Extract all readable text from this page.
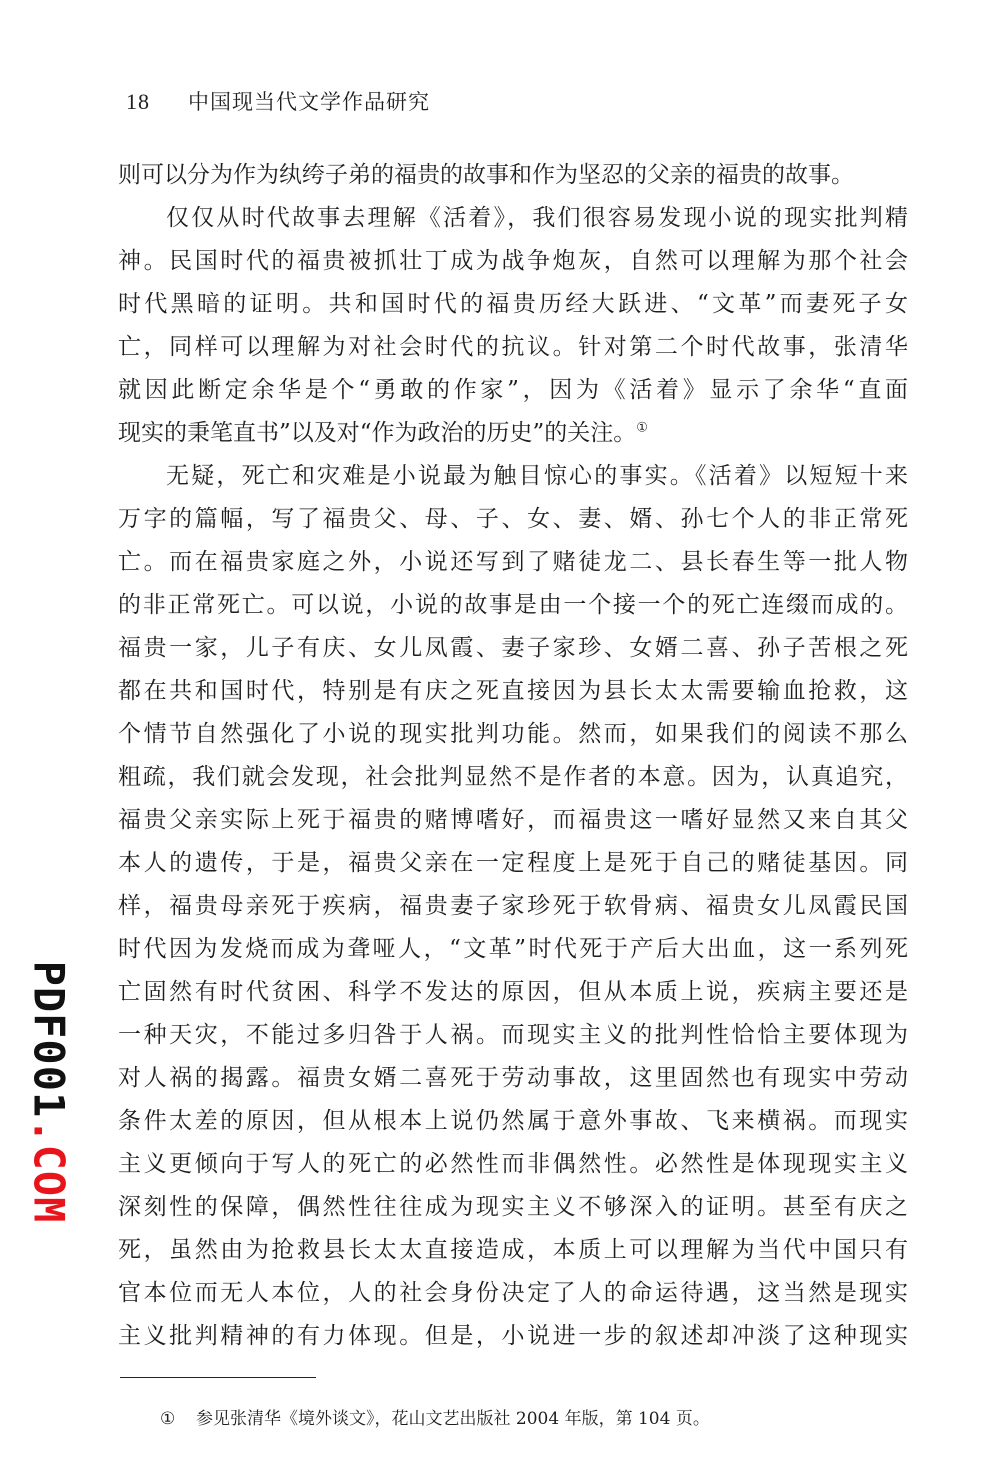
18 中国现当代文学作品研究
则可以分为作为纨绔子弟的福贵的故事和作为坚忍的父亲的福贵的故事。
仅仅从时代故事去理解《活着》，我们很容易发现小说的现实批判精
神。民国时代的福贵被抓壮丁成为战争炮灰，自然可以理解为那个社会
时代黑暗的证明。共和国时代的福贵历经大跃进、“文革”而妻死子女
亡，同样可以理解为对社会时代的抗议。针对第二个时代故事，张清华
就因此断定余华是个“勇敢的作家”，因为《活着》显示了余华“直面
现实的秉笔直书”以及对“作为政治的历史”的关注。①
无疑，死亡和灾难是小说最为触目惊心的事实。《活着》以短短十来
万字的篇幅，写了福贵父、母、子、女、妻、婿、孙七个人的非正常死
亡。而在福贵家庭之外，小说还写到了赌徒龙二、县长春生等一批人物
的非正常死亡。可以说，小说的故事是由一个接一个的死亡连缀而成的。
福贵一家，儿子有庆、女儿凤霞、妻子家珍、女婿二喜、孙子苦根之死
都在共和国时代，特别是有庆之死直接因为县长太太需要输血抢救，这
个情节自然强化了小说的现实批判功能。然而，如果我们的阅读不那么
粗疏，我们就会发现，社会批判显然不是作者的本意。因为，认真追究，
福贵父亲实际上死于福贵的赌博嗜好，而福贵这一嗜好显然又来自其父
本人的遗传，于是，福贵父亲在一定程度上是死于自己的赌徒基因。同
样，福贵母亲死于疾病，福贵妻子家珍死于软骨病、福贵女儿凤霞民国
时代因为发烧而成为聋哑人，“文革”时代死于产后大出血，这一系列死
亡固然有时代贫困、科学不发达的原因，但从本质上说，疾病主要还是
一种天灾，不能过多归咎于人祸。而现实主义的批判性恰恰主要体现为
对人祸的揭露。福贵女婿二喜死于劳动事故，这里固然也有现实中劳动
条件太差的原因，但从根本上说仍然属于意外事故、飞来横祸。而现实
主义更倾向于写人的死亡的必然性而非偶然性。必然性是体现现实主义
深刻性的保障，偶然性往往成为现实主义不够深入的证明。甚至有庆之
死，虽然由为抢救县长太太直接造成，本质上可以理解为当代中国只有
官本位而无人本位，人的社会身份决定了人的命运待遇，这当然是现实
主义批判精神的有力体现。但是，小说进一步的叙述却冲淡了这种现实
① 参见张清华《境外谈文》，花山文艺出版社 2004 年版，第 104 页。
PDF001.COM
